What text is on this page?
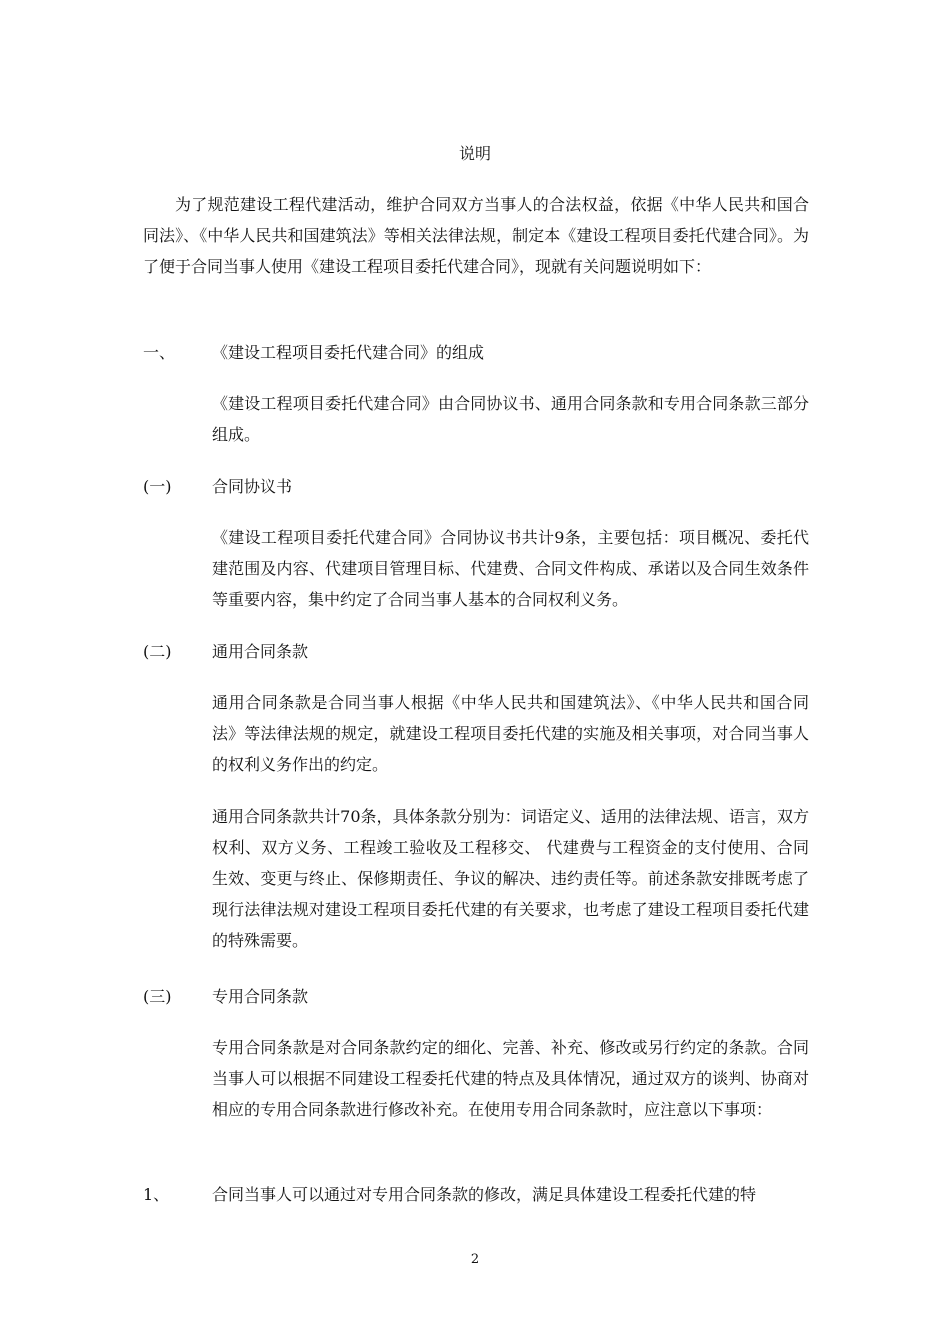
说明
为了规范建设工程代建活动，维护合同双方当事人的合法权益，依据《中华人民共和国合同法》、《中华人民共和国建筑法》等相关法律法规，制定本《建设工程项目委托代建合同》。为了便于合同当事人使用《建设工程项目委托代建合同》，现就有关问题说明如下：
一、 《建设工程项目委托代建合同》的组成
《建设工程项目委托代建合同》由合同协议书、通用合同条款和专用合同条款三部分组成。
(一)	合同协议书
《建设工程项目委托代建合同》合同协议书共计9条，主要包括：项目概况、委托代建范围及内容、代建项目管理目标、代建费、合同文件构成、承诺以及合同生效条件等重要内容，集中约定了合同当事人基本的合同权利义务。
(二)	通用合同条款
通用合同条款是合同当事人根据《中华人民共和国建筑法》、《中华人民共和国合同法》等法律法规的规定，就建设工程项目委托代建的实施及相关事项，对合同当事人的权利义务作出的约定。
通用合同条款共计70条，具体条款分别为：词语定义、适用的法律法规、语言，双方权利、双方义务、工程竣工验收及工程移交、 代建费与工程资金的支付使用、合同生效、变更与终止、保修期责任、争议的解决、违约责任等。前述条款安排既考虑了现行法律法规对建设工程项目委托代建的有关要求，也考虑了建设工程项目委托代建的特殊需要。
(三)	专用合同条款
专用合同条款是对合同条款约定的细化、完善、补充、修改或另行约定的条款。合同当事人可以根据不同建设工程委托代建的特点及具体情况，通过双方的谈判、协商对相应的专用合同条款进行修改补充。在使用专用合同条款时，应注意以下事项：
1、	合同当事人可以通过对专用合同条款的修改，满足具体建设工程委托代建的特
2
